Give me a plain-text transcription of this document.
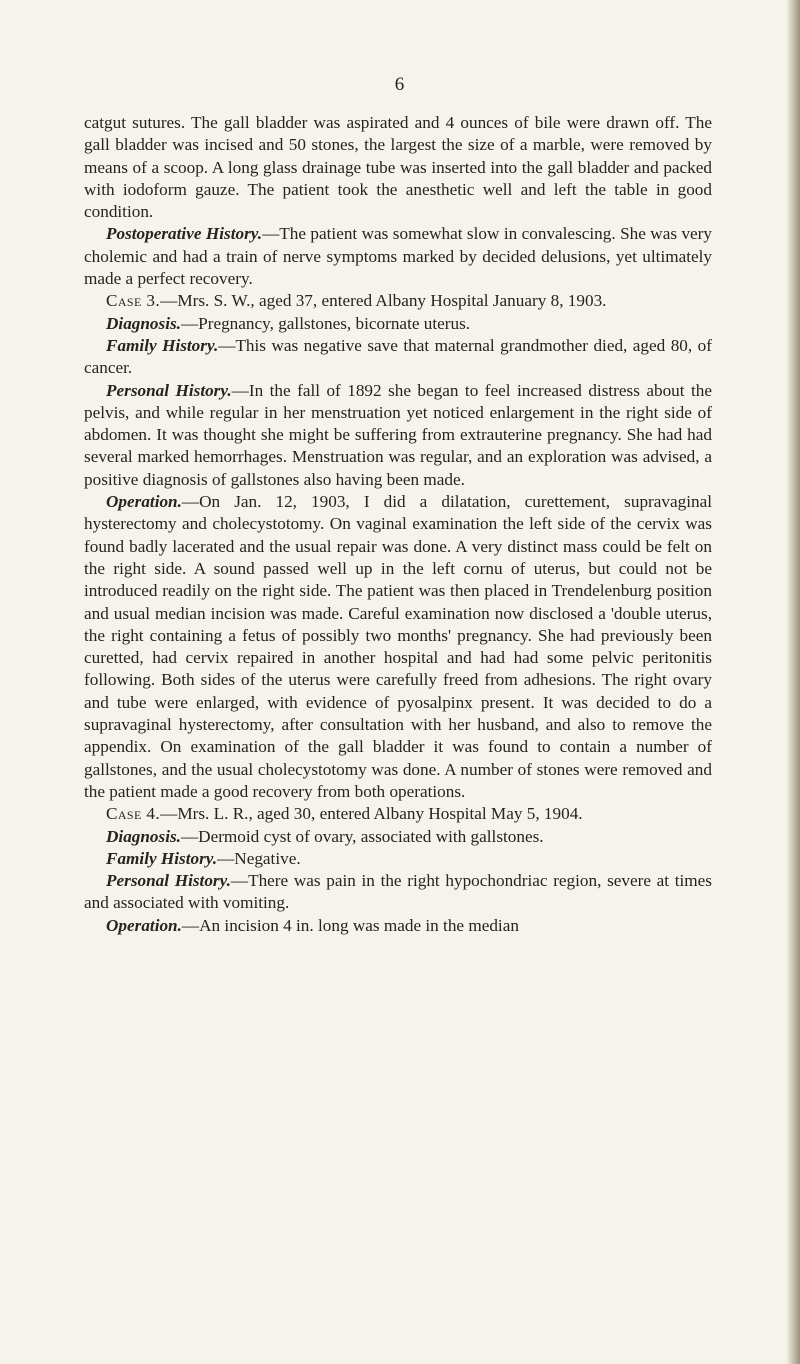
6

catgut sutures. The gall bladder was aspirated and 4 ounces of bile were drawn off. The gall bladder was incised and 50 stones, the largest the size of a marble, were removed by means of a scoop. A long glass drainage tube was inserted into the gall bladder and packed with iodoform gauze. The patient took the anesthetic well and left the table in good condition.

Postoperative History.—The patient was somewhat slow in convalescing. She was very cholemic and had a train of nerve symptoms marked by decided delusions, yet ultimately made a perfect recovery.

Case 3.—Mrs. S. W., aged 37, entered Albany Hospital January 8, 1903.

Diagnosis.—Pregnancy, gallstones, bicornate uterus.

Family History.—This was negative save that maternal grandmother died, aged 80, of cancer.

Personal History.—In the fall of 1892 she began to feel increased distress about the pelvis, and while regular in her menstruation yet noticed enlargement in the right side of abdomen. It was thought she might be suffering from extrauterine pregnancy. She had had several marked hemorrhages. Menstruation was regular, and an exploration was advised, a positive diagnosis of gallstones also having been made.

Operation.—On Jan. 12, 1903, I did a dilatation, curettement, supravaginal hysterectomy and cholecystotomy. On vaginal examination the left side of the cervix was found badly lacerated and the usual repair was done. A very distinct mass could be felt on the right side. A sound passed well up in the left cornu of uterus, but could not be introduced readily on the right side. The patient was then placed in Trendelenburg position and usual median incision was made. Careful examination now disclosed a 'double uterus, the right containing a fetus of possibly two months' pregnancy. She had previously been curetted, had cervix repaired in another hospital and had had some pelvic peritonitis following. Both sides of the uterus were carefully freed from adhesions. The right ovary and tube were enlarged, with evidence of pyosalpinx present. It was decided to do a supravaginal hysterectomy, after consultation with her husband, and also to remove the appendix. On examination of the gall bladder it was found to contain a number of gallstones, and the usual cholecystotomy was done. A number of stones were removed and the patient made a good recovery from both operations.

Case 4.—Mrs. L. R., aged 30, entered Albany Hospital May 5, 1904.

Diagnosis.—Dermoid cyst of ovary, associated with gallstones.

Family History.—Negative.

Personal History.—There was pain in the right hypochondriac region, severe at times and associated with vomiting.

Operation.—An incision 4 in. long was made in the median
